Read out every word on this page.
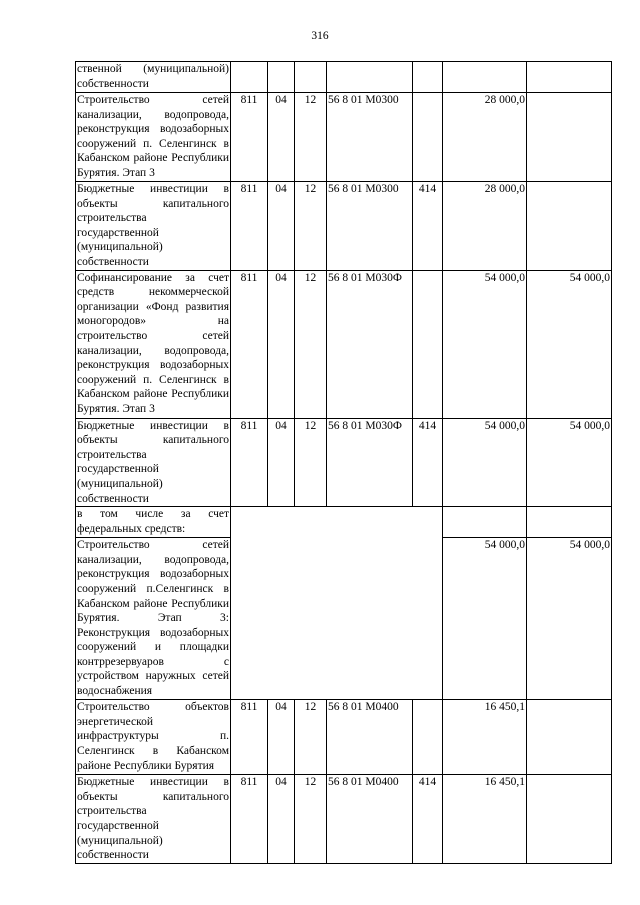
316
ственной (муниципальной) собственности							
Строительство сетей канализации, водопровода, реконструкция водозаборных сооружений п. Селенгинск в Кабанском районе Республики Бурятия. Этап 3	811	04	12	56 8 01 М0300		28 000,0	
Бюджетные инвестиции в объекты капитального строительства государственной (муниципальной) собственности	811	04	12	56 8 01 М0300	414	28 000,0	
Софинансирование за счет средств некоммерческой организации «Фонд развития моногородов» на строительство сетей канализации, водопровода, реконструкция водозаборных сооружений п. Селенгинск в Кабанском районе Республики Бурятия. Этап 3	811	04	12	56 8 01 М030Ф		54 000,0	54 000,0
Бюджетные инвестиции в объекты капитального строительства государственной (муниципальной) собственности	811	04	12	56 8 01 М030Ф	414	54 000,0	54 000,0
в том числе за счет федеральных средств:							
Строительство сетей канализации, водопровода, реконструкция водозаборных сооружений п.Селенгинск в Кабанском районе Республики Бурятия. Этап 3: Реконструкция водозаборных сооружений и площадки контррезервуаров с устройством наружных сетей водоснабжения						54 000,0	54 000,0
Строительство объектов энергетической инфраструктуры п. Селенгинск в Кабанском районе Республики Бурятия	811	04	12	56 8 01 М0400		16 450,1	
Бюджетные инвестиции в объекты капитального строительства государственной (муниципальной) собственности	811	04	12	56 8 01 М0400	414	16 450,1	
